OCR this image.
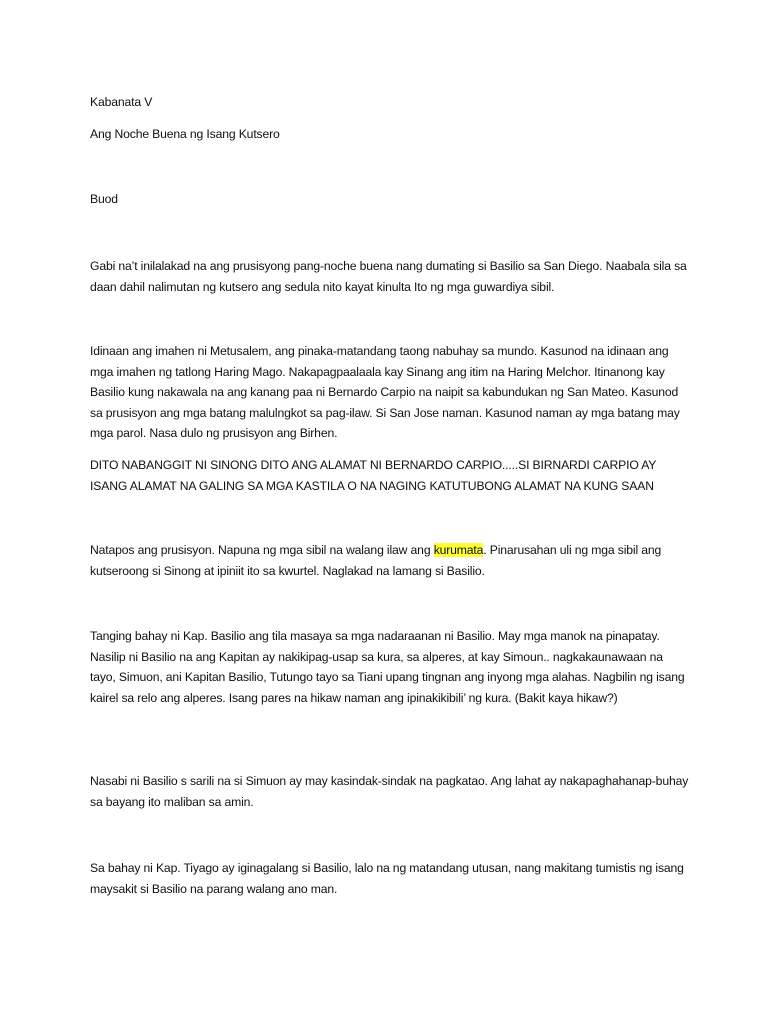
Kabanata V

Ang Noche Buena ng Isang Kutsero

Buod

Gabi na’t inilalakad na ang prusisyong pang-noche buena nang dumating si Basilio sa San Diego. Naabala sila sa daan dahil nalimutan ng kutsero ang sedula nito kayat kinulta Ito ng mga guwardiya sibil.

Idinaan ang imahen ni Metusalem, ang pinaka-matandang taong nabuhay sa mundo. Kasunod na idinaan ang mga imahen ng tatlong Haring Mago. Nakapagpaalaala kay Sinang ang itim na Haring Melchor. Itinanong kay Basilio kung nakawala na ang kanang paa ni Bernardo Carpio na naipit sa kabundukan ng San Mateo. Kasunod sa prusisyon ang mga batang malulngkot sa pag-ilaw. Si San Jose naman. Kasunod naman ay mga batang may mga parol. Nasa dulo ng prusisyon ang Birhen.

DITO NABANGGIT NI SINONG DITO ANG ALAMAT NI BERNARDO CARPIO.....SI BIRNARDI CARPIO AY ISANG ALAMAT NA GALING SA MGA KASTILA O NA NAGING KATUTUBONG ALAMAT NA KUNG SAAN

Natapos ang prusisyon. Napuna ng mga sibil na walang ilaw ang kurumata. Pinarusahan uli ng mga sibil ang kutseroong si Sinong at ipiniit ito sa kwurtel. Naglakad na lamang si Basilio.

Tanging bahay ni Kap. Basilio ang tila masaya sa mga nadaraanan ni Basilio. May mga manok na pinapatay. Nasilip ni Basilio na ang Kapitan ay nakikipag-usap sa kura, sa alperes, at kay Simoun.. nagkakaunawaan na tayo, Simuon, ani Kapitan Basilio, Tutungo tayo sa Tiani upang tingnan ang inyong mga alahas. Nagbilin ng isang kairel sa relo ang alperes. Isang pares na hikaw naman ang ipinakikibili’ ng kura. (Bakit kaya hikaw?)

Nasabi ni Basilio s sarili na si Simuon ay may kasindak-sindak na pagkatao. Ang lahat ay nakapaghahanap-buhay sa bayang ito maliban sa amin.

Sa bahay ni Kap. Tiyago ay iginagalang si Basilio, lalo na ng matandang utusan, nang makitang tumistis ng isang maysakit si Basilio na parang walang ano man.
